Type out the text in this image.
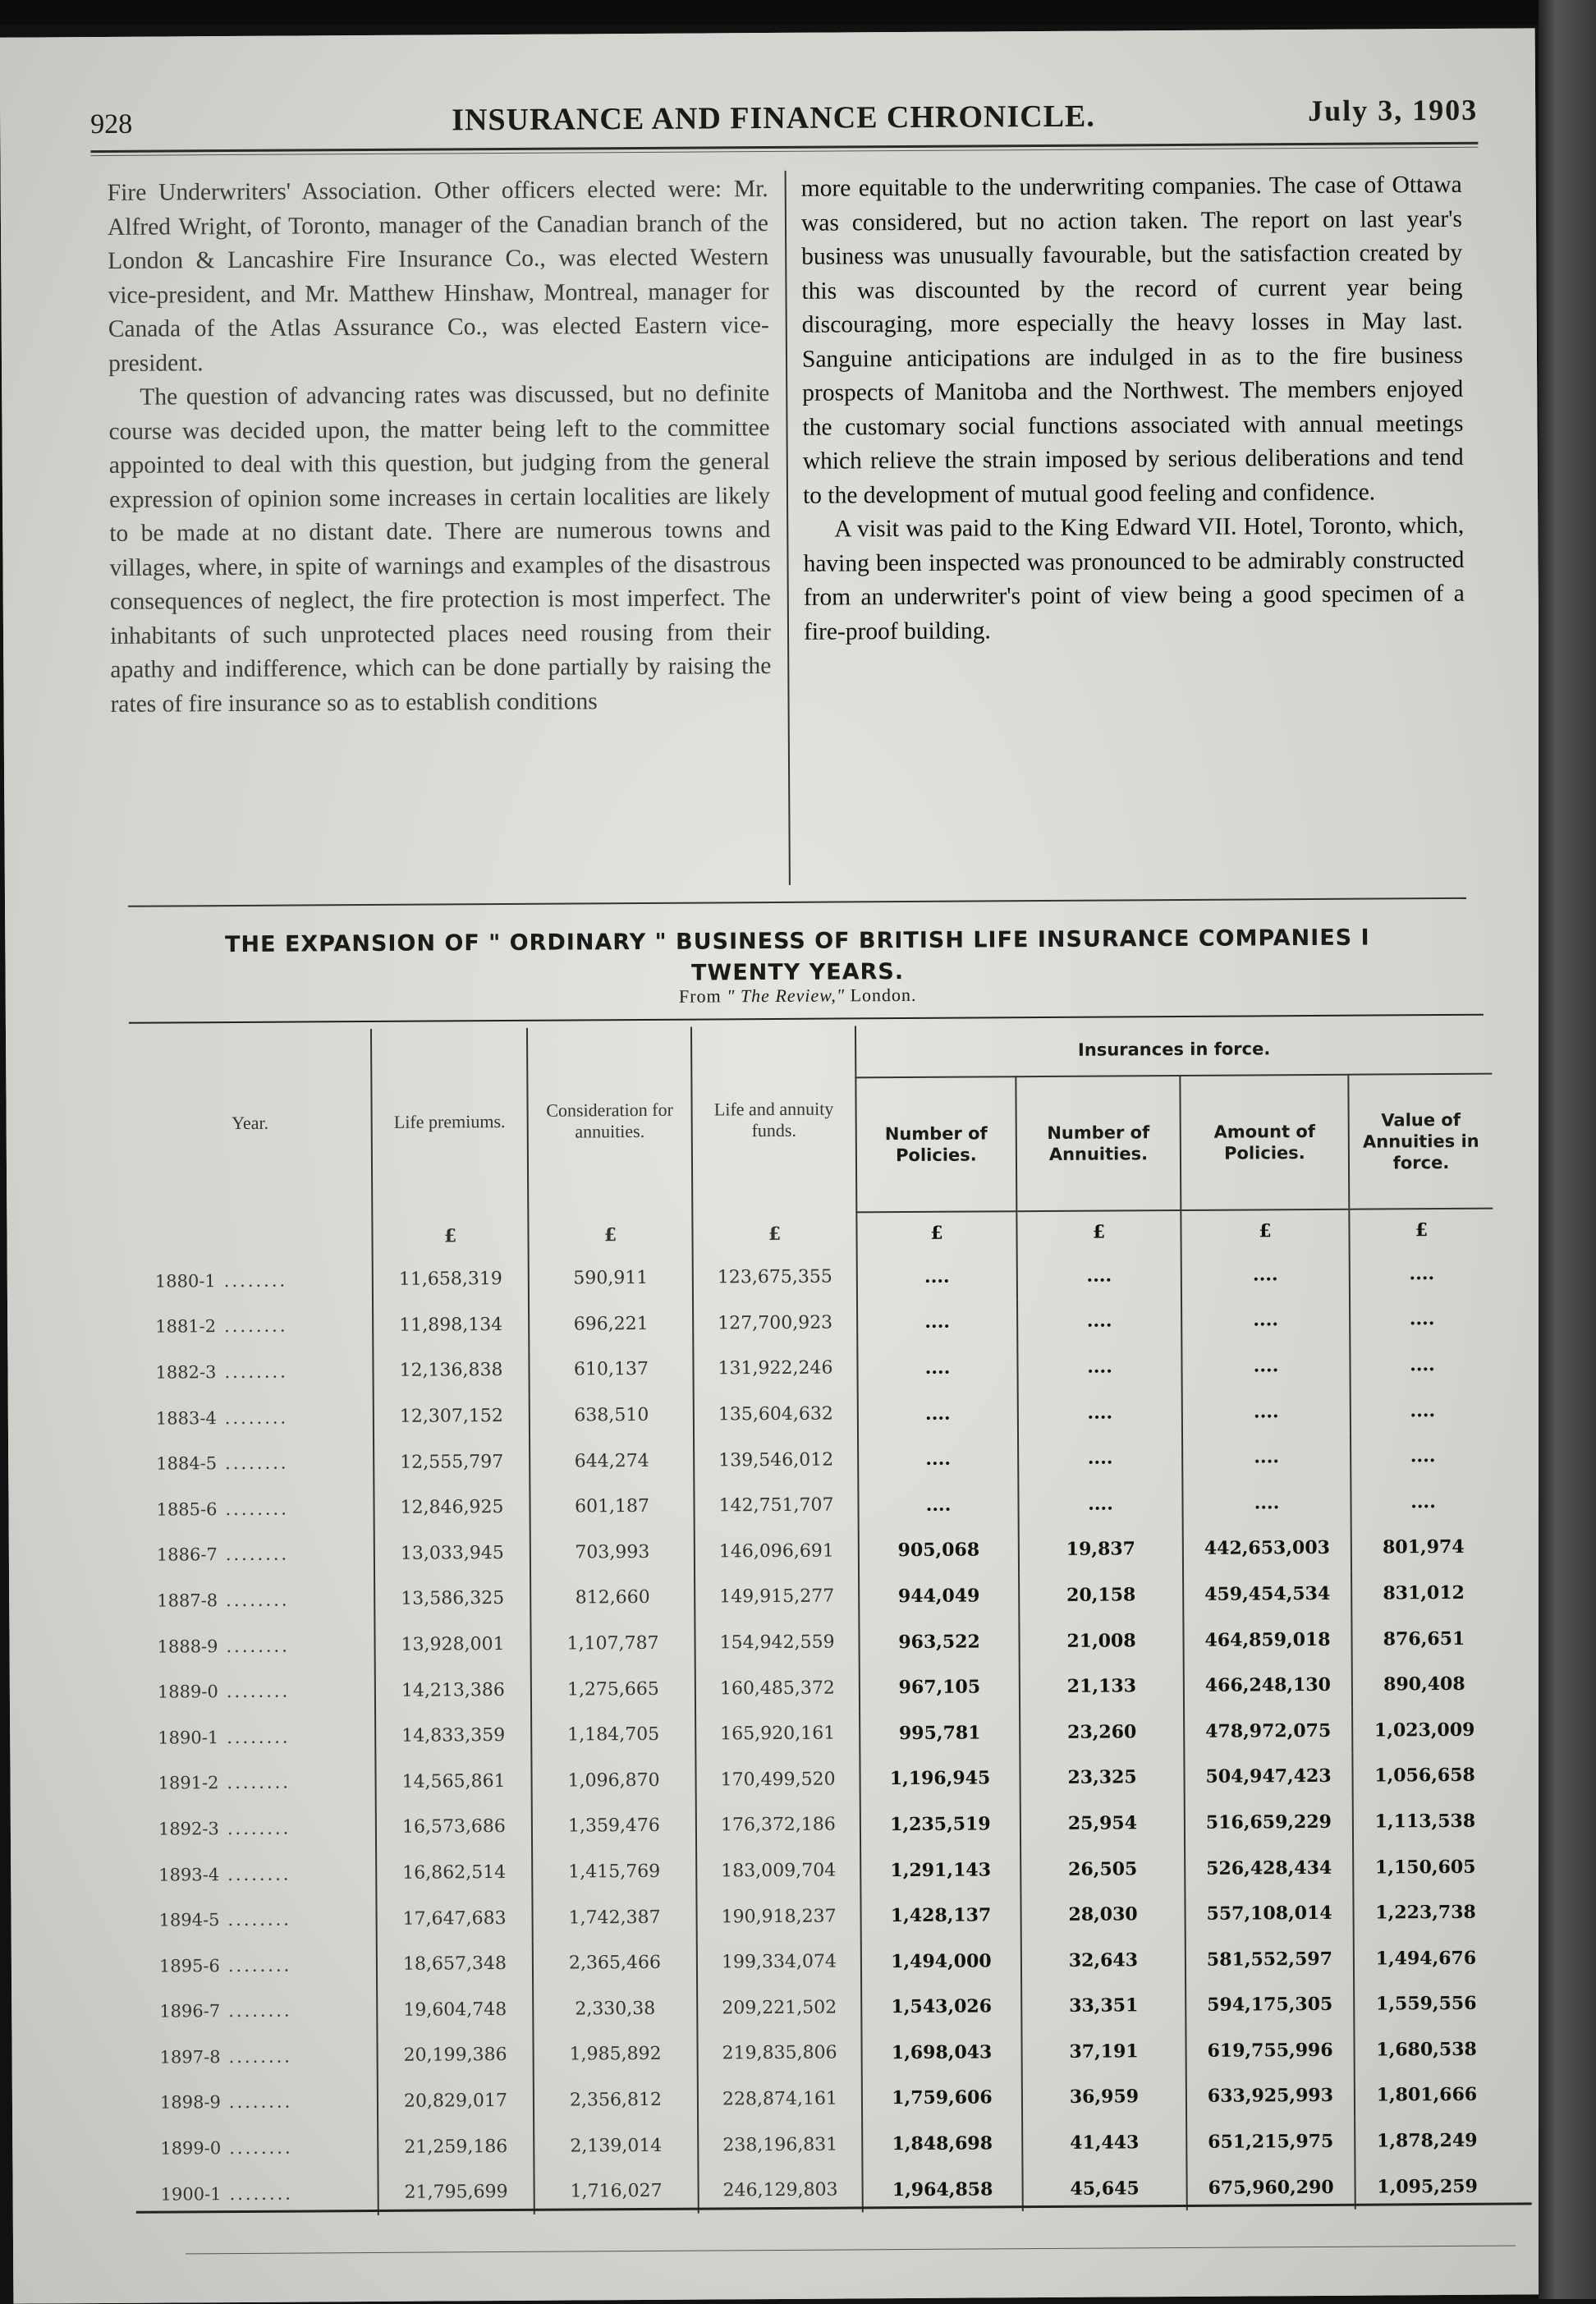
928	INSURANCE AND FINANCE CHRONICLE.	July 3, 1903

Fire Underwriters' Association. Other officers elected were: Mr. Alfred Wright, of Toronto, manager of the Canadian branch of the London & Lancashire Fire Insurance Co., was elected Western vice-president, and Mr. Matthew Hinshaw, Montreal, manager for Canada of the Atlas Assurance Co., was elected Eastern vice-president.

The question of advancing rates was discussed, but no definite course was decided upon, the matter being left to the committee appointed to deal with this question, but judging from the general expression of opinion some increases in certain localities are likely to be made at no distant date. There are numerous towns and villages, where, in spite of warnings and examples of the disastrous consequences of neglect, the fire protection is most imperfect. The inhabitants of such unprotected places need rousing from their apathy and indifference, which can be done partially by raising the rates of fire insurance so as to establish conditions

more equitable to the underwriting companies. The case of Ottawa was considered, but no action taken. The report on last year's business was unusually favourable, but the satisfaction created by this was discounted by the record of current year being discouraging, more especially the heavy losses in May last. Sanguine anticipations are indulged in as to the fire business prospects of Manitoba and the Northwest. The members enjoyed the customary social functions associated with annual meetings which relieve the strain imposed by serious deliberations and tend to the development of mutual good feeling and confidence.

A visit was paid to the King Edward VII. Hotel, Toronto, which, having been inspected was pronounced to be admirably constructed from an underwriter's point of view being a good specimen of a fire-proof building.

THE EXPANSION OF " ORDINARY " BUSINESS OF BRITISH LIFE INSURANCE COMPANIES I
TWENTY YEARS.
From " The Review," London.
Year.	Life premiums.	Consideration for annuities.	Life and annuity funds.	Insurances in force.			
				Number of Policies.	Number of Annuities.	Amount of Policies.	Value of Annuities in force.
	£	£	£	£	£	£	£
1880-1 ........	11,658,319	590,911	123,675,355	....	....	....	....
1881-2 ........	11,898,134	696,221	127,700,923	....	....	....	....
1882-3 ........	12,136,838	610,137	131,922,246	....	....	....	....
1883-4 ........	12,307,152	638,510	135,604,632	....	....	....	....
1884-5 ........	12,555,797	644,274	139,546,012	....	....	....	....
1885-6 ........	12,846,925	601,187	142,751,707	....	....	....	....
1886-7 ........	13,033,945	703,993	146,096,691	905,068	19,837	442,653,003	801,974
1887-8 ........	13,586,325	812,660	149,915,277	944,049	20,158	459,454,534	831,012
1888-9 ........	13,928,001	1,107,787	154,942,559	963,522	21,008	464,859,018	876,651
1889-0 ........	14,213,386	1,275,665	160,485,372	967,105	21,133	466,248,130	890,408
1890-1 ........	14,833,359	1,184,705	165,920,161	995,781	23,260	478,972,075	1,023,009
1891-2 ........	14,565,861	1,096,870	170,499,520	1,196,945	23,325	504,947,423	1,056,658
1892-3 ........	16,573,686	1,359,476	176,372,186	1,235,519	25,954	516,659,229	1,113,538
1893-4 ........	16,862,514	1,415,769	183,009,704	1,291,143	26,505	526,428,434	1,150,605
1894-5 ........	17,647,683	1,742,387	190,918,237	1,428,137	28,030	557,108,014	1,223,738
1895-6 ........	18,657,348	2,365,466	199,334,074	1,494,000	32,643	581,552,597	1,494,676
1896-7 ........	19,604,748	2,330,38	209,221,502	1,543,026	33,351	594,175,305	1,559,556
1897-8 ........	20,199,386	1,985,892	219,835,806	1,698,043	37,191	619,755,996	1,680,538
1898-9 ........	20,829,017	2,356,812	228,874,161	1,759,606	36,959	633,925,993	1,801,666
1899-0 ........	21,259,186	2,139,014	238,196,831	1,848,698	41,443	651,215,975	1,878,249
1900-1 ........	21,795,699	1,716,027	246,129,803	1,964,858	45,645	675,960,290	1,095,259
